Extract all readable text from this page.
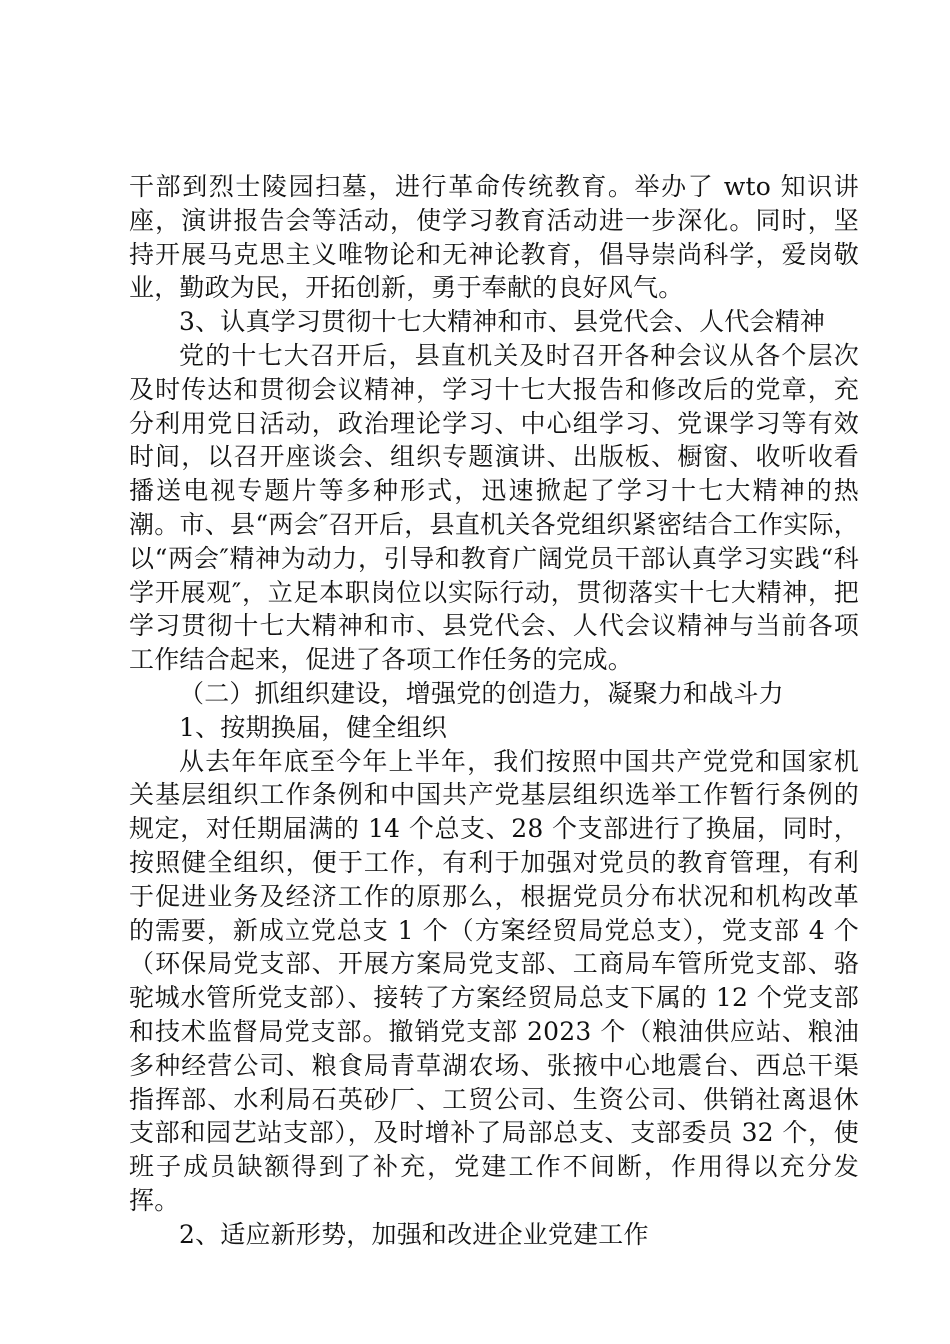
干部到烈士陵园扫墓，进行革命传统教育。举办了 wto 知识讲座，演讲报告会等活动，使学习教育活动进一步深化。同时，坚持开展马克思主义唯物论和无神论教育，倡导崇尚科学，爱岗敬业，勤政为民，开拓创新，勇于奉献的良好风气。

3、认真学习贯彻十七大精神和市、县党代会、人代会精神

党的十七大召开后，县直机关及时召开各种会议从各个层次及时传达和贯彻会议精神，学习十七大报告和修改后的党章，充分利用党日活动，政治理论学习、中心组学习、党课学习等有效时间，以召开座谈会、组织专题演讲、出版板、橱窗、收听收看播送电视专题片等多种形式，迅速掀起了学习十七大精神的热潮。市、县“两会″召开后，县直机关各党组织紧密结合工作实际，以“两会″精神为动力，引导和教育广阔党员干部认真学习实践“科学开展观″，立足本职岗位以实际行动，贯彻落实十七大精神，把学习贯彻十七大精神和市、县党代会、人代会议精神与当前各项工作结合起来，促进了各项工作任务的完成。

（二）抓组织建设，增强党的创造力，凝聚力和战斗力

1、按期换届，健全组织

从去年年底至今年上半年，我们按照中国共产党党和国家机关基层组织工作条例和中国共产党基层组织选举工作暂行条例的规定，对任期届满的 14 个总支、28 个支部进行了换届，同时，按照健全组织，便于工作，有利于加强对党员的教育管理，有利于促进业务及经济工作的原那么，根据党员分布状况和机构改革的需要，新成立党总支 1 个（方案经贸局党总支），党支部 4 个（环保局党支部、开展方案局党支部、工商局车管所党支部、骆驼城水管所党支部）、接转了方案经贸局总支下属的 12 个党支部和技术监督局党支部。撤销党支部 2023 个（粮油供应站、粮油多种经营公司、粮食局青草湖农场、张掖中心地震台、西总干渠指挥部、水利局石英砂厂、工贸公司、生资公司、供销社离退休支部和园艺站支部），及时增补了局部总支、支部委员 32 个，使班子成员缺额得到了补充，党建工作不间断，作用得以充分发挥。

2、适应新形势，加强和改进企业党建工作
